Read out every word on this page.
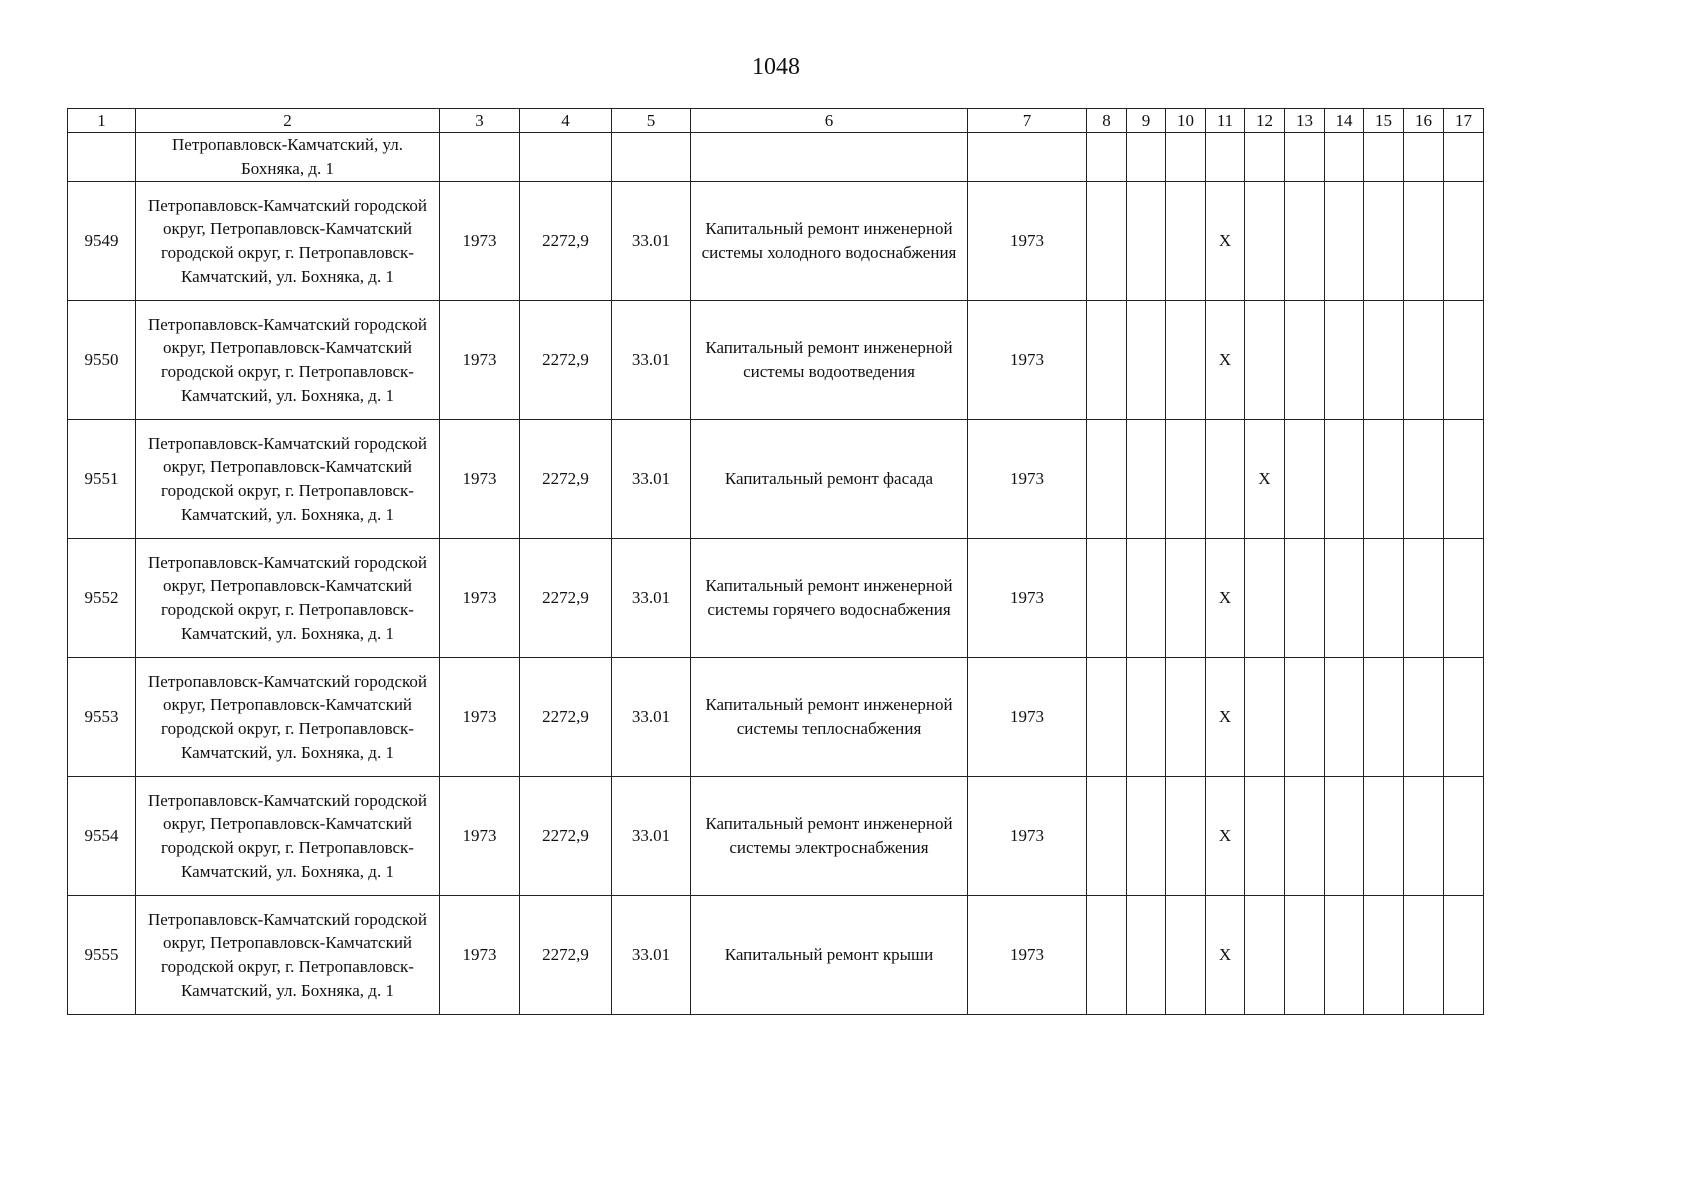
1048
1	2	3	4	5	6	7	8	9	10	11	12	13	14	15	16	17

	Петропавловск-Камчатский, ул. Бохняка, д. 1															

9549	Петропавловск-Камчатский городской округ, Петропавловск-Камчатский городской округ, г. Петропавловск-Камчатский, ул. Бохняка, д. 1	1973	2272,9	33.01	Капитальный ремонт инженерной системы холодного водоснабжения	1973				X						
9550	Петропавловск-Камчатский городской округ, Петропавловск-Камчатский городской округ, г. Петропавловск-Камчатский, ул. Бохняка, д. 1	1973	2272,9	33.01	Капитальный ремонт инженерной системы водоотведения	1973				X						
9551	Петропавловск-Камчатский городской округ, Петропавловск-Камчатский городской округ, г. Петропавловск-Камчатский, ул. Бохняка, д. 1	1973	2272,9	33.01	Капитальный ремонт фасада	1973					X					
9552	Петропавловск-Камчатский городской округ, Петропавловск-Камчатский городской округ, г. Петропавловск-Камчатский, ул. Бохняка, д. 1	1973	2272,9	33.01	Капитальный ремонт инженерной системы горячего водоснабжения	1973				X						
9553	Петропавловск-Камчатский городской округ, Петропавловск-Камчатский городской округ, г. Петропавловск-Камчатский, ул. Бохняка, д. 1	1973	2272,9	33.01	Капитальный ремонт инженерной системы теплоснабжения	1973				X						
9554	Петропавловск-Камчатский городской округ, Петропавловск-Камчатский городской округ, г. Петропавловск-Камчатский, ул. Бохняка, д. 1	1973	2272,9	33.01	Капитальный ремонт инженерной системы электроснабжения	1973				X						
9555	Петропавловск-Камчатский городской округ, Петропавловск-Камчатский городской округ, г. Петропавловск-Камчатский, ул. Бохняка, д. 1	1973	2272,9	33.01	Капитальный ремонт крыши	1973				X						
